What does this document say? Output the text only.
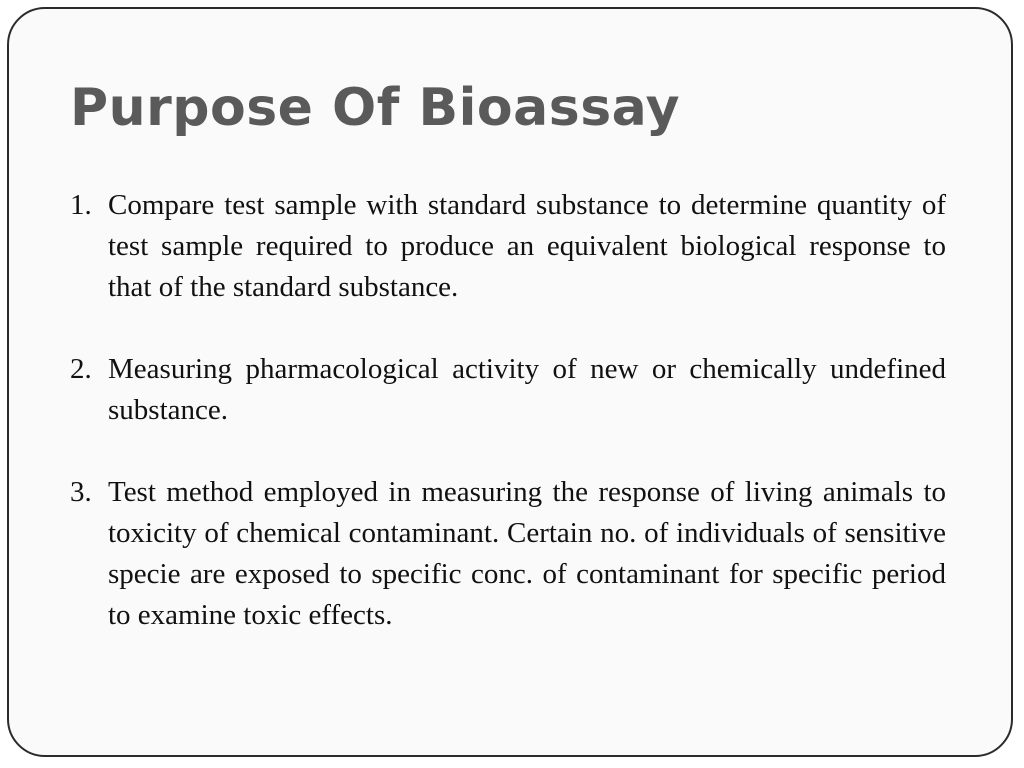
Purpose Of Bioassay
1. Compare test sample with standard substance to determine quantity of test sample required to produce an equivalent biological response to that of the standard substance.
2. Measuring pharmacological activity of new or chemically undefined substance.
3. Test method employed in measuring the response of living animals to toxicity of chemical contaminant. Certain no. of individuals of sensitive specie are exposed to specific conc. of contaminant for specific period to examine toxic effects.
